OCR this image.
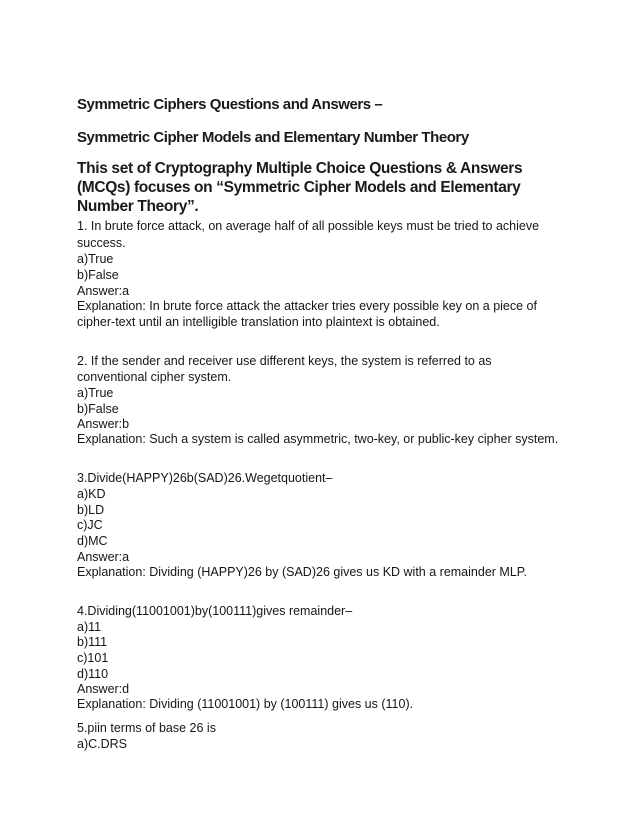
Symmetric Ciphers Questions and Answers –
Symmetric Cipher Models and Elementary Number Theory
This set of Cryptography Multiple Choice Questions & Answers
(MCQs) focuses on “Symmetric Cipher Models and Elementary
Number Theory”.
1. In brute force attack, on average half of all possible keys must be tried to achieve
success.
a)True
b)False
Answer:a
Explanation: In brute force attack the attacker tries every possible key on a piece of
cipher-text until an intelligible translation into plaintext is obtained.
2. If the sender and receiver use different keys, the system is referred to as
conventional cipher system.
a)True
b)False
Answer:b
Explanation: Such a system is called asymmetric, two-key, or public-key cipher system.
3.Divide(HAPPY)26b(SAD)26.Wegetquotient–
a)KD
b)LD
c)JC
d)MC
Answer:a
Explanation: Dividing (HAPPY)26 by (SAD)26 gives us KD with a remainder MLP.
4.Dividing(11001001)by(100111)gives remainder–
a)11
b)111
c)101
d)110
Answer:d
Explanation: Dividing (11001001) by (100111) gives us (110).
5.piin terms of base 26 is
a)C.DRS
